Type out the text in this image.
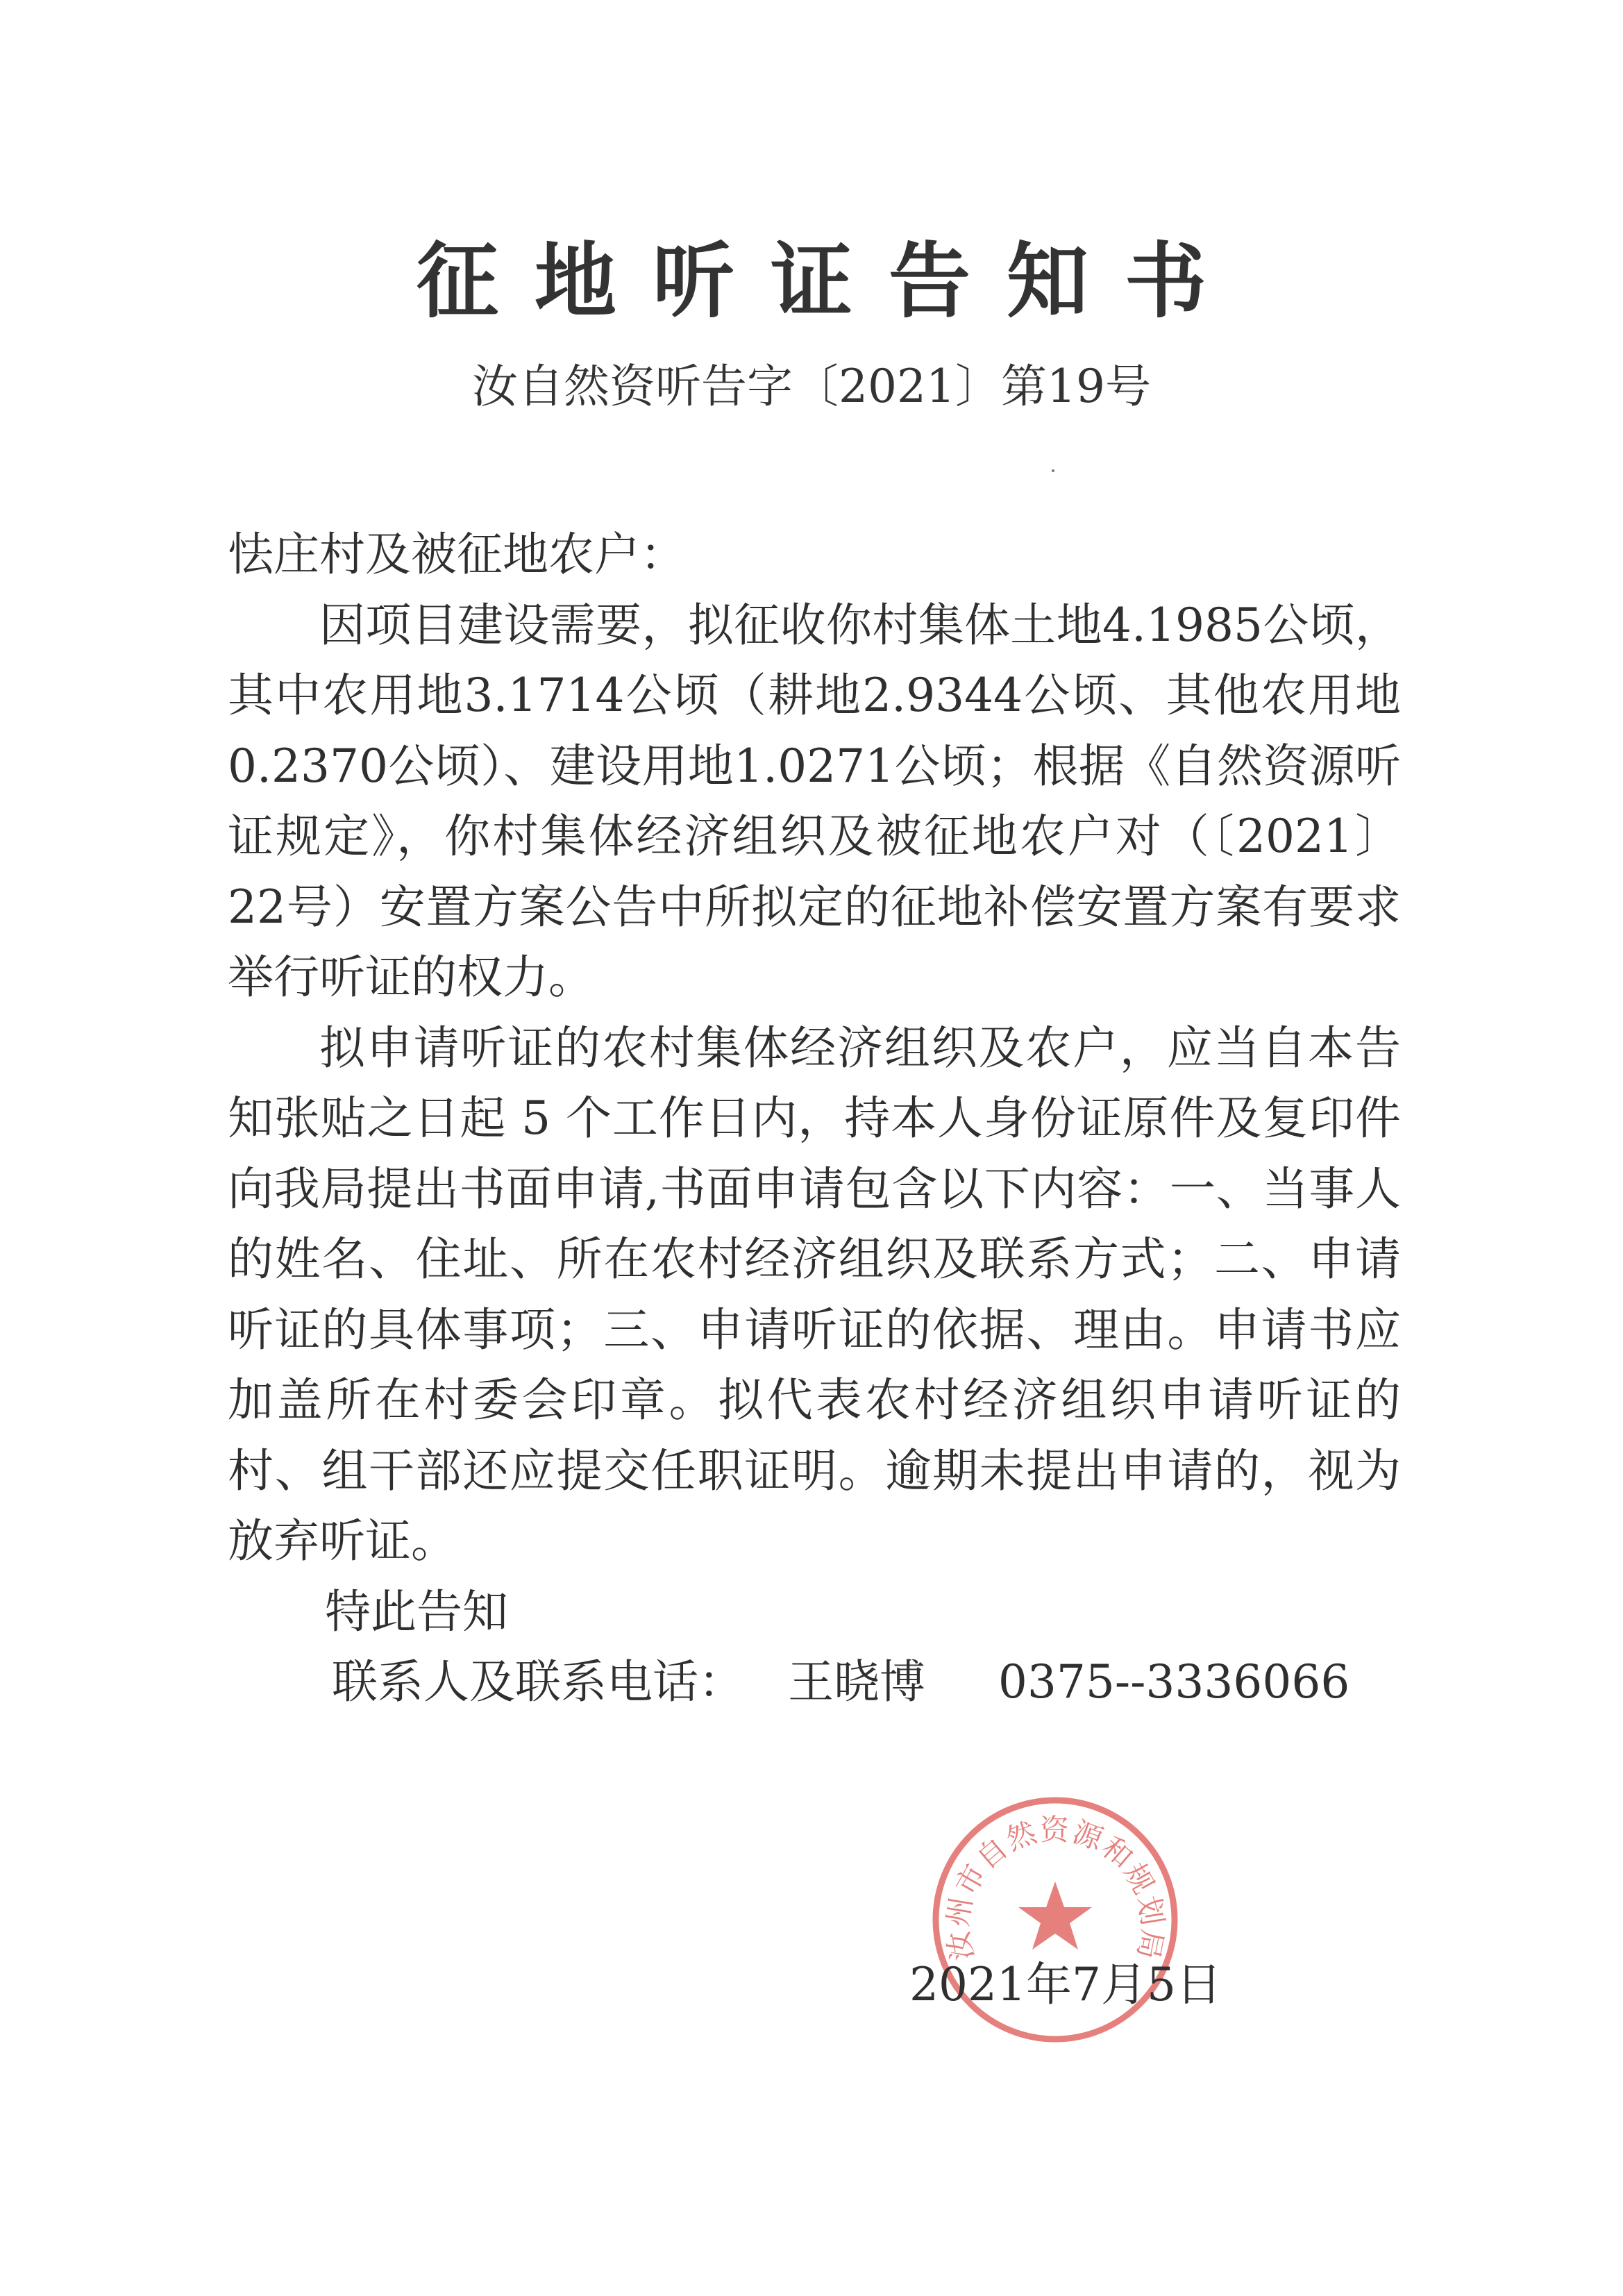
征地听证告知书
汝自然资听告字〔2021〕第19号

怯庄村及被征地农户：

因项目建设需要，拟征收你村集体土地4.1985公顷，其中农用地3.1714公顷（耕地2.9344公顷、其他农用地0.2370公顷）、建设用地1.0271公顷；根据《自然资源听证规定》，你村集体经济组织及被征地农户对（〔2021〕22号）安置方案公告中所拟定的征地补偿安置方案有要求举行听证的权力。

拟申请听证的农村集体经济组织及农户，应当自本告知张贴之日起 5 个工作日内，持本人身份证原件及复印件向我局提出书面申请,书面申请包含以下内容：一、当事人的姓名、住址、所在农村经济组织及联系方式；二、申请听证的具体事项；三、申请听证的依据、理由。申请书应加盖所在村委会印章。拟代表农村经济组织申请听证的村、组干部还应提交任职证明。逾期未提出申请的，视为放弃听证。

特此告知

联系人及联系电话： 王晓博 0375--3336066

汝州市自然资源和规划局
2021年7月5日
